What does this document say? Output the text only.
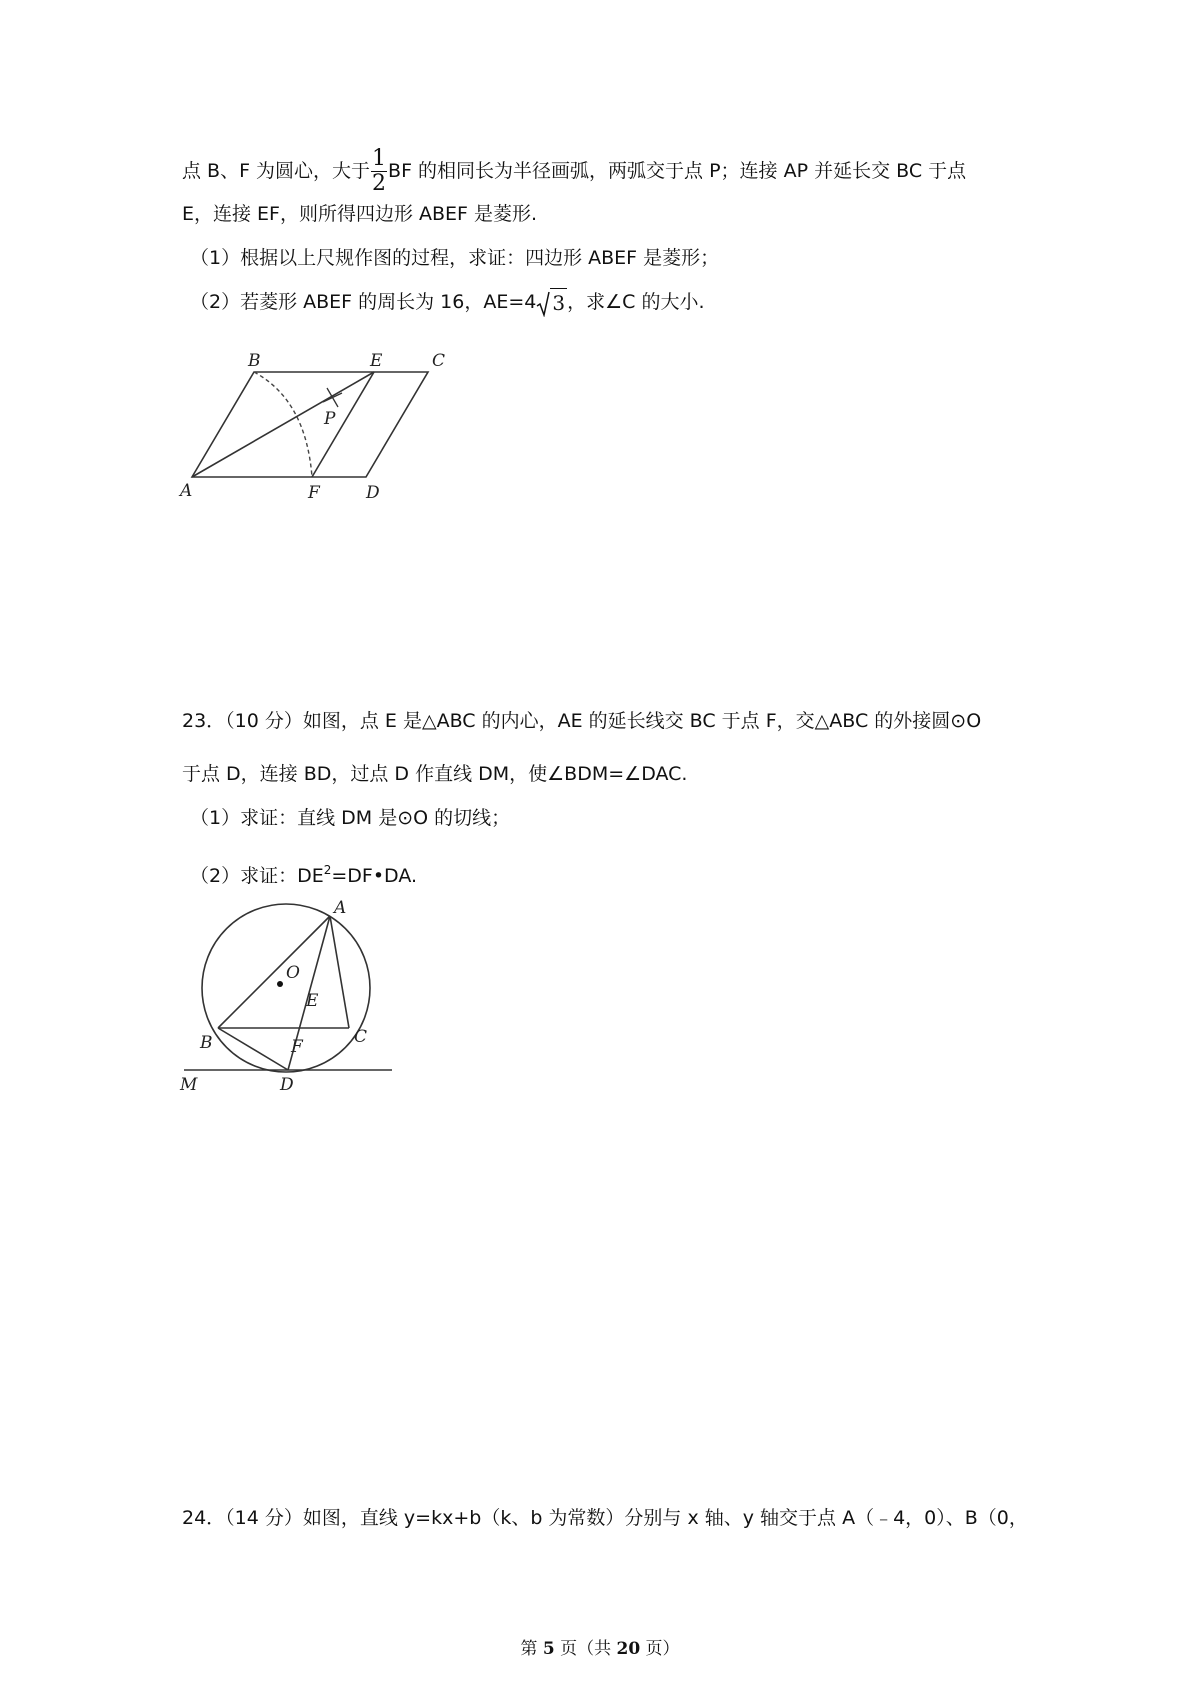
点 B、F 为圆心，大于 $\frac{1}{2}$ BF 的相同长为半径画弧，两弧交于点 P；连接 AP 并延长交 BC 于点
E，连接 EF，则所得四边形 ABEF 是菱形.
（1）根据以上尺规作图的过程，求证：四边形 ABEF 是菱形；
（2）若菱形 ABEF 的周长为 16，AE=4 3 ，求∠C 的大小.
B	E	C
P
A	F	D
23．（10 分）如图，点 E 是△ABC 的内心，AE 的延长线交 BC 于点 F，交△ABC 的外接圆⊙O
于点 D，连接 BD，过点 D 作直线 DM，使∠BDM=∠DAC.
（1）求证：直线 DM 是⊙O 的切线；
（2）求证：$DE^2=DF•DA$.
A
O
E
B	C
F
D
M
24．（14 分）如图，直线 y=kx+b（k、b 为常数）分别与 x 轴、y 轴交于点 A（﹣4，0）、B（0，
第 5 页（共 20 页）
